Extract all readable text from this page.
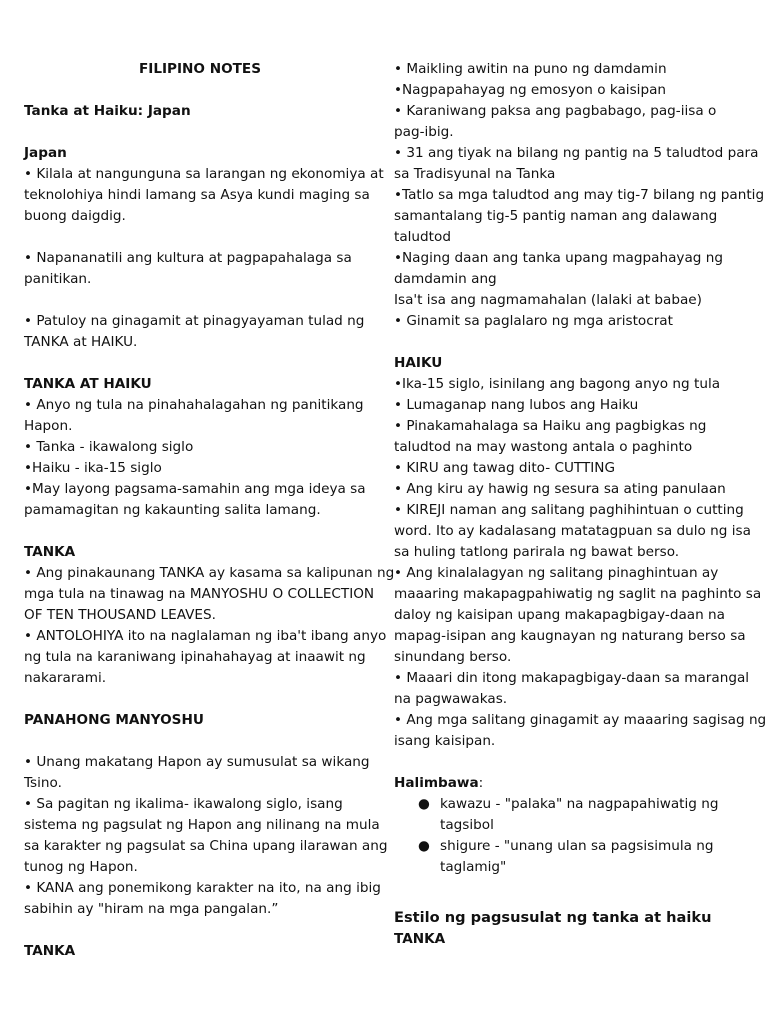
FILIPINO NOTES
Tanka at Haiku: Japan
Japan
• Kilala at nangunguna sa larangan ng ekonomiya at
teknolohiya hindi lamang sa Asya kundi maging sa
buong daigdig.
• Napananatili ang kultura at pagpapahalaga sa
panitikan.
• Patuloy na ginagamit at pinagyayaman tulad ng
TANKA at HAIKU.
TANKA AT HAIKU
• Anyo ng tula na pinahahalagahan ng panitikang
Hapon.
• Tanka - ikawalong siglo
•Haiku - ika-15 siglo
•May layong pagsama-samahin ang mga ideya sa
pamamagitan ng kakaunting salita lamang.
TANKA
• Ang pinakaunang TANKA ay kasama sa kalipunan ng
mga tula na tinawag na MANYOSHU O COLLECTION
OF TEN THOUSAND LEAVES.
• ANTOLOHIYA ito na naglalaman ng iba't ibang anyo
ng tula na karaniwang ipinahahayag at inaawit ng
nakararami.
PANAHONG MANYOSHU
• Unang makatang Hapon ay sumusulat sa wikang
Tsino.
• Sa pagitan ng ikalima- ikawalong siglo, isang
sistema ng pagsulat ng Hapon ang nilinang na mula
sa karakter ng pagsulat sa China upang ilarawan ang
tunog ng Hapon.
• KANA ang ponemikong karakter na ito, na ang ibig
sabihin ay "hiram na mga pangalan.”
TANKA
• Maikling awitin na puno ng damdamin
•Nagpapahayag ng emosyon o kaisipan
• Karaniwang paksa ang pagbabago, pag-iisa o
pag-ibig.
• 31 ang tiyak na bilang ng pantig na 5 taludtod para
sa Tradisyunal na Tanka
•Tatlo sa mga taludtod ang may tig-7 bilang ng pantig
samantalang tig-5 pantig naman ang dalawang
taludtod
•Naging daan ang tanka upang magpahayag ng
damdamin ang
Isa't isa ang nagmamahalan (lalaki at babae)
• Ginamit sa paglalaro ng mga aristocrat
HAIKU
•Ika-15 siglo, isinilang ang bagong anyo ng tula
• Lumaganap nang lubos ang Haiku
• Pinakamahalaga sa Haiku ang pagbigkas ng
taludtod na may wastong antala o paghinto
• KIRU ang tawag dito- CUTTING
• Ang kiru ay hawig ng sesura sa ating panulaan
• KIREJI naman ang salitang paghihintuan o cutting
word. Ito ay kadalasang matatagpuan sa dulo ng isa
sa huling tatlong parirala ng bawat berso.
• Ang kinalalagyan ng salitang pinaghintuan ay
maaaring makapagpahiwatig ng saglit na paghinto sa
daloy ng kaisipan upang makapagbigay-daan na
mapag-isipan ang kaugnayan ng naturang berso sa
sinundang berso.
• Maaari din itong makapagbigay-daan sa marangal
na pagwawakas.
• Ang mga salitang ginagamit ay maaaring sagisag ng
isang kaisipan.
Halimbawa:
● kawazu - "palaka" na nagpapahiwatig ng
tagsibol
● shigure - "unang ulan sa pagsisimula ng
taglamig"
Estilo ng pagsusulat ng tanka at haiku
TANKA
